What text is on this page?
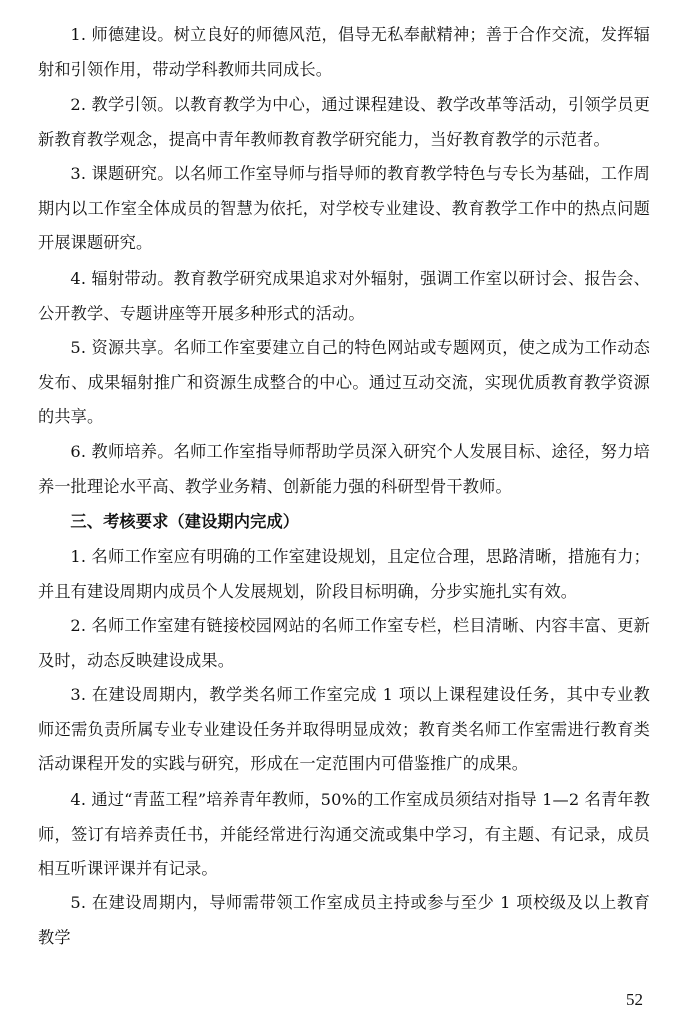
1. 师德建设。树立良好的师德风范，倡导无私奉献精神；善于合作交流，发挥辐射和引领作用，带动学科教师共同成长。

2. 教学引领。以教育教学为中心，通过课程建设、教学改革等活动，引领学员更新教育教学观念，提高中青年教师教育教学研究能力，当好教育教学的示范者。

3. 课题研究。以名师工作室导师与指导师的教育教学特色与专长为基础，工作周期内以工作室全体成员的智慧为依托，对学校专业建设、教育教学工作中的热点问题开展课题研究。

4. 辐射带动。教育教学研究成果追求对外辐射，强调工作室以研讨会、报告会、公开教学、专题讲座等开展多种形式的活动。

5. 资源共享。名师工作室要建立自己的特色网站或专题网页，使之成为工作动态发布、成果辐射推广和资源生成整合的中心。通过互动交流，实现优质教育教学资源的共享。

6. 教师培养。名师工作室指导师帮助学员深入研究个人发展目标、途径，努力培养一批理论水平高、教学业务精、创新能力强的科研型骨干教师。

三、考核要求（建设期内完成）

1. 名师工作室应有明确的工作室建设规划，且定位合理，思路清晰，措施有力；并且有建设周期内成员个人发展规划，阶段目标明确，分步实施扎实有效。

2. 名师工作室建有链接校园网站的名师工作室专栏，栏目清晰、内容丰富、更新及时，动态反映建设成果。

3. 在建设周期内，教学类名师工作室完成 1 项以上课程建设任务，其中专业教师还需负责所属专业专业建设任务并取得明显成效；教育类名师工作室需进行教育类活动课程开发的实践与研究，形成在一定范围内可借鉴推广的成果。

4. 通过“青蓝工程”培养青年教师，50%的工作室成员须结对指导 1—2 名青年教师，签订有培养责任书，并能经常进行沟通交流或集中学习，有主题、有记录，成员相互听课评课并有记录。

5. 在建设周期内，导师需带领工作室成员主持或参与至少 1 项校级及以上教育教学

52
